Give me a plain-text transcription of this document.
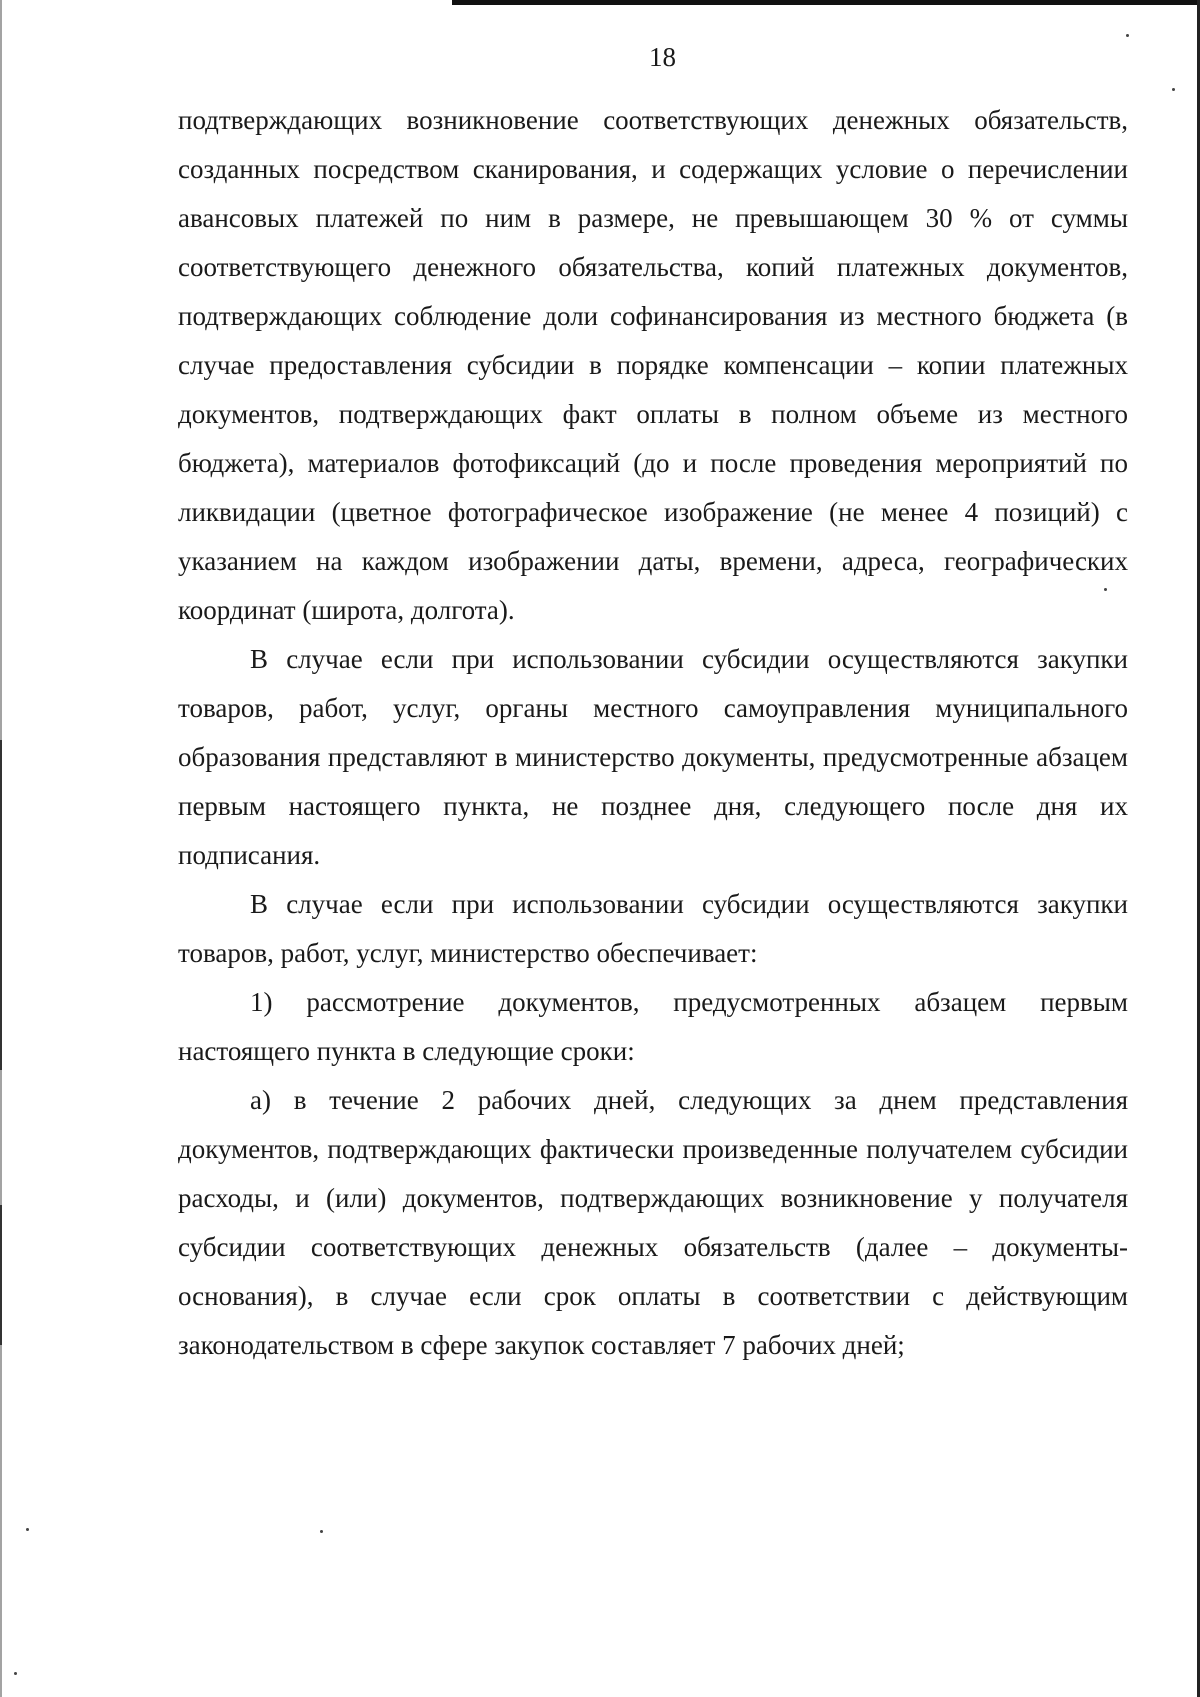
18

подтверждающих возникновение соответствующих денежных обязательств, созданных посредством сканирования, и содержащих условие о перечислении авансовых платежей по ним в размере, не превышающем 30 % от суммы соответствующего денежного обязательства, копий платежных документов, подтверждающих соблюдение доли софинансирования из местного бюджета (в случае предоставления субсидии в порядке компенсации – копии платежных документов, подтверждающих факт оплаты в полном объеме из местного бюджета), материалов фотофиксаций (до и после проведения мероприятий по ликвидации (цветное фотографическое изображение (не менее 4 позиций) с указанием на каждом изображении даты, времени, адреса, географических координат (широта, долгота).

В случае если при использовании субсидии осуществляются закупки товаров, работ, услуг, органы местного самоуправления муниципального образования представляют в министерство документы, предусмотренные абзацем первым настоящего пункта, не позднее дня, следующего после дня их подписания.

В случае если при использовании субсидии осуществляются закупки товаров, работ, услуг, министерство обеспечивает:

1) рассмотрение документов, предусмотренных абзацем первым настоящего пункта в следующие сроки:

а) в течение 2 рабочих дней, следующих за днем представления документов, подтверждающих фактически произведенные получателем субсидии расходы, и (или) документов, подтверждающих возникновение у получателя субсидии соответствующих денежных обязательств (далее – документы-основания), в случае если срок оплаты в соответствии с действующим законодательством в сфере закупок составляет 7 рабочих дней;
